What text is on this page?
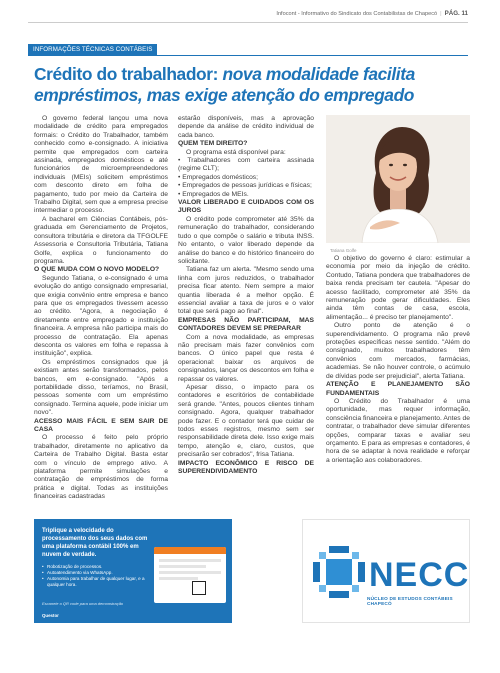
Infocont - Informativo do Sindicato dos Contabilistas de Chapecó | PÁG. 11
INFORMAÇÕES TÉCNICAS CONTÁBEIS
Crédito do trabalhador: nova modalidade facilita empréstimos, mas exige atenção do empregado

O governo federal lançou uma nova modalidade de crédito para empregados formais: o Crédito do Trabalhador, também conhecido como e-consignado. A iniciativa permite que empregados com carteira assinada, empregados domésticos e até funcionários de microempreendedores individuais (MEIs) solicitem empréstimos com desconto direto em folha de pagamento, tudo por meio da Carteira de Trabalho Digital, sem que a empresa precise intermediar o processo.

A bacharel em Ciências Contábeis, pós-graduada em Gerenciamento de Projetos, consultora tributária e diretora da TFGOLFE Assessoria e Consultoria Tributária, Tatiana Golfe, explica o funcionamento do programa.

O QUE MUDA COM O NOVO MODELO?

Segundo Tatiana, o e-consignado é uma evolução do antigo consignado empresarial, que exigia convênio entre empresa e banco para que os empregados tivessem acesso ao crédito. "Agora, a negociação é diretamente entre empregado e instituição financeira. A empresa não participa mais do processo de contratação. Ela apenas desconta os valores em folha e repassa à instituição", explica.

Os empréstimos consignados que já existiam antes serão transformados, pelos bancos, em e-consignado. "Após a portabilidade disso, teríamos, no Brasil, pessoas somente com um empréstimo consignado. Termina aquele, pode iniciar um novo".

ACESSO MAIS FÁCIL E SEM SAIR DE CASA

O processo é feito pelo próprio trabalhador, diretamente no aplicativo da Carteira de Trabalho Digital. Basta estar com o vínculo de emprego ativo. A plataforma permite simulações e contratação de empréstimos de forma prática e digital. Todas as instituições financeiras cadastradas

estarão disponíveis, mas a aprovação depende da análise de crédito individual de cada banco.

QUEM TEM DIREITO?

O programa está disponível para:

• Trabalhadores com carteira assinada (regime CLT);

• Empregados domésticos;

• Empregados de pessoas jurídicas e físicas;

• Empregados de MEIs.

VALOR LIBERADO E CUIDADOS COM OS JUROS

O crédito pode comprometer até 35% da remuneração do trabalhador, considerando tudo o que compõe o salário e tributa INSS. No entanto, o valor liberado depende da análise do banco e do histórico financeiro do solicitante.

Tatiana faz um alerta. "Mesmo sendo uma linha com juros reduzidos, o trabalhador precisa ficar atento. Nem sempre a maior quantia liberada é a melhor opção. É essencial avaliar a taxa de juros e o valor total que será pago ao final".

EMPRESAS NÃO PARTICIPAM, MAS CONTADORES DEVEM SE PREPARAR

Com a nova modalidade, as empresas não precisam mais fazer convênios com bancos. O único papel que resta é operacional: baixar os arquivos de consignados, lançar os descontos em folha e repassar os valores.

Apesar disso, o impacto para os contadores e escritórios de contabilidade será grande. "Antes, poucos clientes tinham consignado. Agora, qualquer trabalhador pode fazer. E o contador terá que cuidar de todos esses registros, mesmo sem ser responsabilidade direta dele. Isso exige mais tempo, atenção e, claro, custos, que precisarão ser cobrados", frisa Tatiana.

IMPACTO ECONÔMICO E RISCO DE SUPERENDIVIDAMENTO

Tatiana Golfe

O objetivo do governo é claro: estimular a economia por meio da injeção de crédito. Contudo, Tatiana pondera que trabalhadores de baixa renda precisam ter cautela. "Apesar do acesso facilitado, comprometer até 35% da remuneração pode gerar dificuldades. Eles ainda têm contas de casa, escola, alimentação... é preciso ter planejamento".

Outro ponto de atenção é o superendividamento. O programa não prevê proteções específicas nesse sentido. "Além do consignado, muitos trabalhadores têm convênios com mercados, farmácias, academias. Se não houver controle, o acúmulo de dívidas pode ser prejudicial", alerta Tatiana.

ATENÇÃO E PLANEJAMENTO SÃO FUNDAMENTAIS

O Crédito do Trabalhador é uma oportunidade, mas requer informação, consciência financeira e planejamento. Antes de contratar, o trabalhador deve simular diferentes opções, comparar taxas e avaliar seu orçamento. E para as empresas e contadores, é hora de se adaptar à nova realidade e reforçar a orientação aos colaboradores.

Triplique a velocidade do processamento dos seus dados com uma plataforma contábil 100% em nuvem de verdade.
• Robotização de processos.
• Autoatendimento via WhatsApp.
• Autonomia para trabalhar de qualquer lugar, e a qualquer hora.
Escaneie o QR code para uma demonstração
Questor
NECC
NÚCLEO DE ESTUDOS CONTÁBEIS CHAPECÓ
